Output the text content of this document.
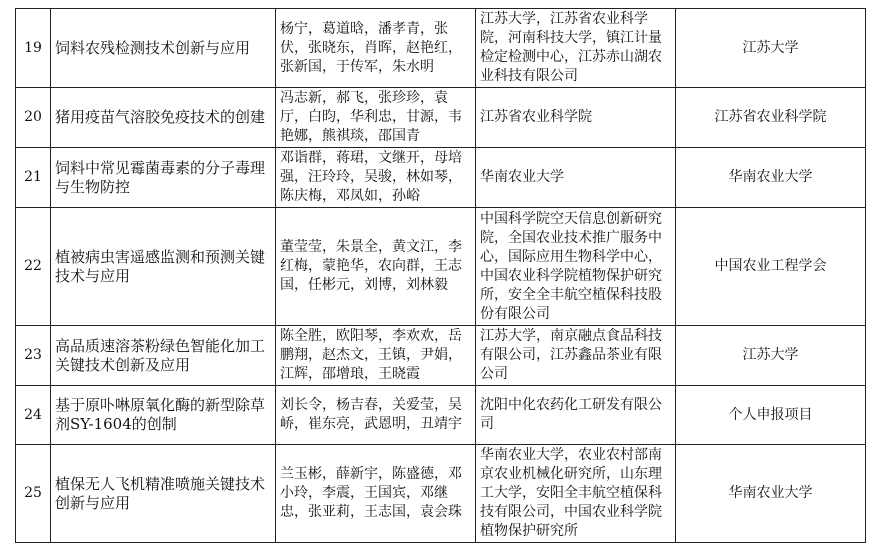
19	饲料农残检测技术创新与应用	杨宁，葛道晗，潘孝青，张伏，张晓东，肖晖，赵艳红，张新国，于传军，朱水明	江苏大学，江苏省农业科学院，河南科技大学，镇江计量检定检测中心，江苏赤山湖农业科技有限公司	江苏大学
20	猪用疫苗气溶胶免疫技术的创建	冯志新，郝飞，张珍珍，袁厅，白昀，华利忠，甘源，韦艳娜，熊祺琰，邵国青	江苏省农业科学院	江苏省农业科学院
21	饲料中常见霉菌毒素的分子毒理与生物防控	邓诣群，蒋珺，文继开，母培强，汪玲玲，吴骏，林如琴，陈庆梅，邓凤如，孙峪	华南农业大学	华南农业大学
22	植被病虫害遥感监测和预测关键技术与应用	董莹莹，朱景全，黄文江，李红梅，蒙艳华，农向群，王志国，任彬元，刘博，刘林毅	中国科学院空天信息创新研究院，全国农业技术推广服务中心，国际应用生物科学中心，中国农业科学院植物保护研究所，安全全丰航空植保科技股份有限公司	中国农业工程学会
23	高品质速溶茶粉绿色智能化加工关键技术创新及应用	陈全胜，欧阳琴，李欢欢，岳鹏翔，赵杰文，王镇，尹娟，江辉，邵增琅，王晓霞	江苏大学，南京融点食品科技有限公司，江苏鑫品茶业有限公司	江苏大学
24	基于原卟啉原氧化酶的新型除草剂SY-1604的创制	刘长令，杨吉春，关爱莹，吴峤，崔东亮，武恩明，丑靖宇	沈阳中化农药化工研发有限公司	个人申报项目
25	植保无人飞机精准喷施关键技术创新与应用	兰玉彬，薛新宇，陈盛德，邓小玲，李震，王国宾，邓继忠，张亚莉，王志国，袁会珠	华南农业大学，农业农村部南京农业机械化研究所，山东理工大学，安阳全丰航空植保科技有限公司，中国农业科学院植物保护研究所	华南农业大学
